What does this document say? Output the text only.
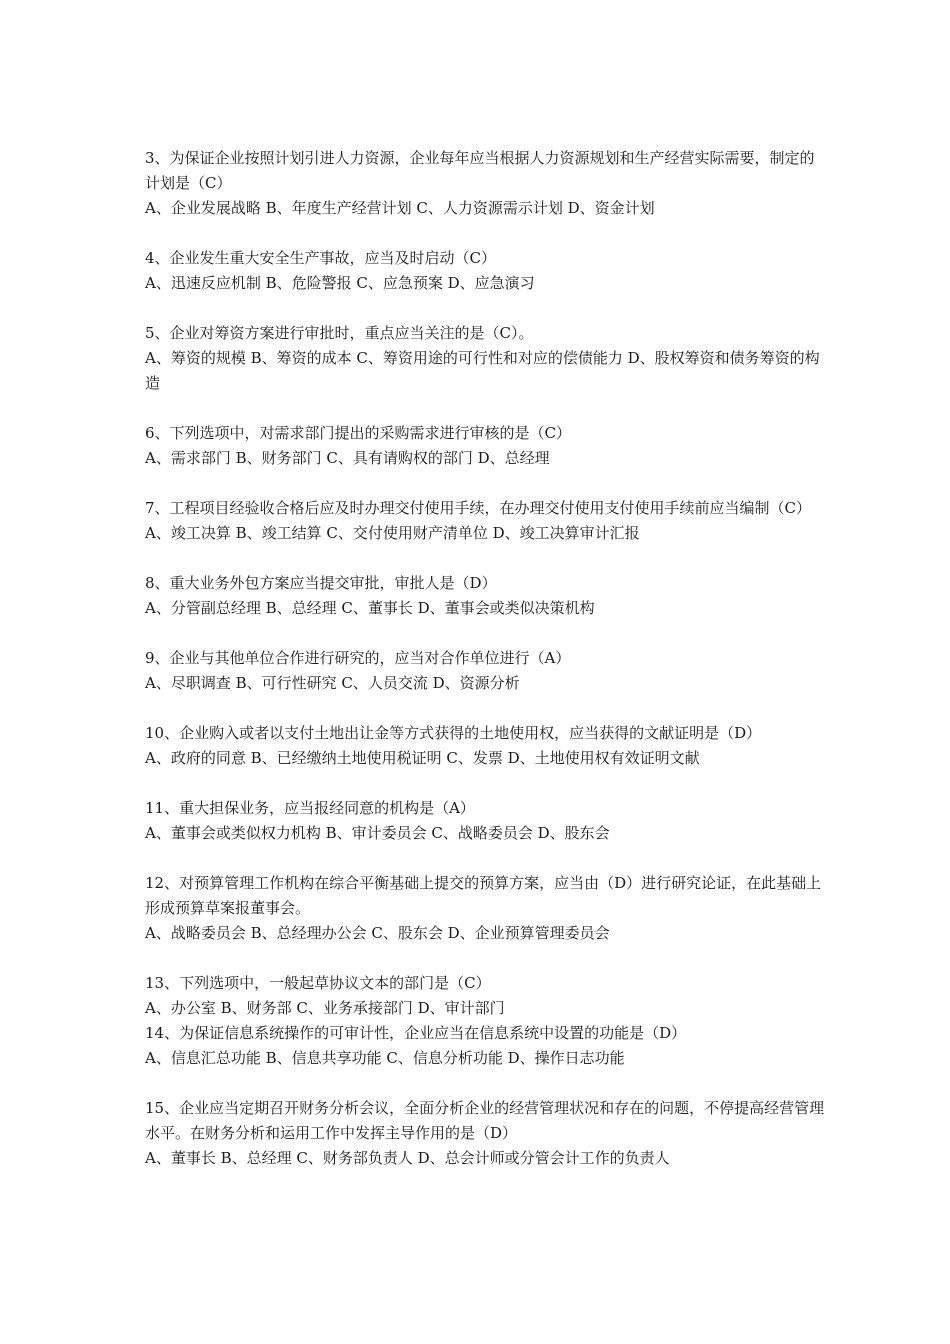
3、为保证企业按照计划引进人力资源，企业每年应当根据人力资源规划和生产经营实际需要，制定的计划是（C）

A、企业发展战略 B、年度生产经营计划 C、人力资源需示计划 D、资金计划

4、企业发生重大安全生产事故，应当及时启动（C）

A、迅速反应机制 B、危险警报 C、应急预案 D、应急演习

5、企业对筹资方案进行审批时，重点应当关注的是（C）。

A、筹资的规模 B、筹资的成本 C、筹资用途的可行性和对应的偿债能力 D、股权筹资和债务筹资的构造

6、下列选项中，对需求部门提出的采购需求进行审核的是（C）

A、需求部门 B、财务部门 C、具有请购权的部门 D、总经理

7、工程项目经验收合格后应及时办理交付使用手续，在办理交付使用支付使用手续前应当编制（C）

A、竣工决算 B、竣工结算 C、交付使用财产清单位 D、竣工决算审计汇报

8、重大业务外包方案应当提交审批，审批人是（D）

A、分管副总经理 B、总经理 C、董事长 D、董事会或类似决策机构

9、企业与其他单位合作进行研究的，应当对合作单位进行（A）

A、尽职调查 B、可行性研究 C、人员交流 D、资源分析

10、企业购入或者以支付土地出让金等方式获得的土地使用权，应当获得的文献证明是（D）

A、政府的同意 B、已经缴纳土地使用税证明 C、发票 D、土地使用权有效证明文献

11、重大担保业务，应当报经同意的机构是（A）

A、董事会或类似权力机构 B、审计委员会 C、战略委员会 D、股东会

12、对预算管理工作机构在综合平衡基础上提交的预算方案，应当由（D）进行研究论证，在此基础上形成预算草案报董事会。

A、战略委员会 B、总经理办公会 C、股东会 D、企业预算管理委员会

13、下列选项中，一般起草协议文本的部门是（C）

A、办公室 B、财务部 C、业务承接部门 D、审计部门

14、为保证信息系统操作的可审计性，企业应当在信息系统中设置的功能是（D）

A、信息汇总功能 B、信息共享功能 C、信息分析功能 D、操作日志功能

15、企业应当定期召开财务分析会议，全面分析企业的经营管理状况和存在的问题，不停提高经营管理水平。在财务分析和运用工作中发挥主导作用的是（D）

A、董事长 B、总经理 C、财务部负责人 D、总会计师或分管会计工作的负责人
